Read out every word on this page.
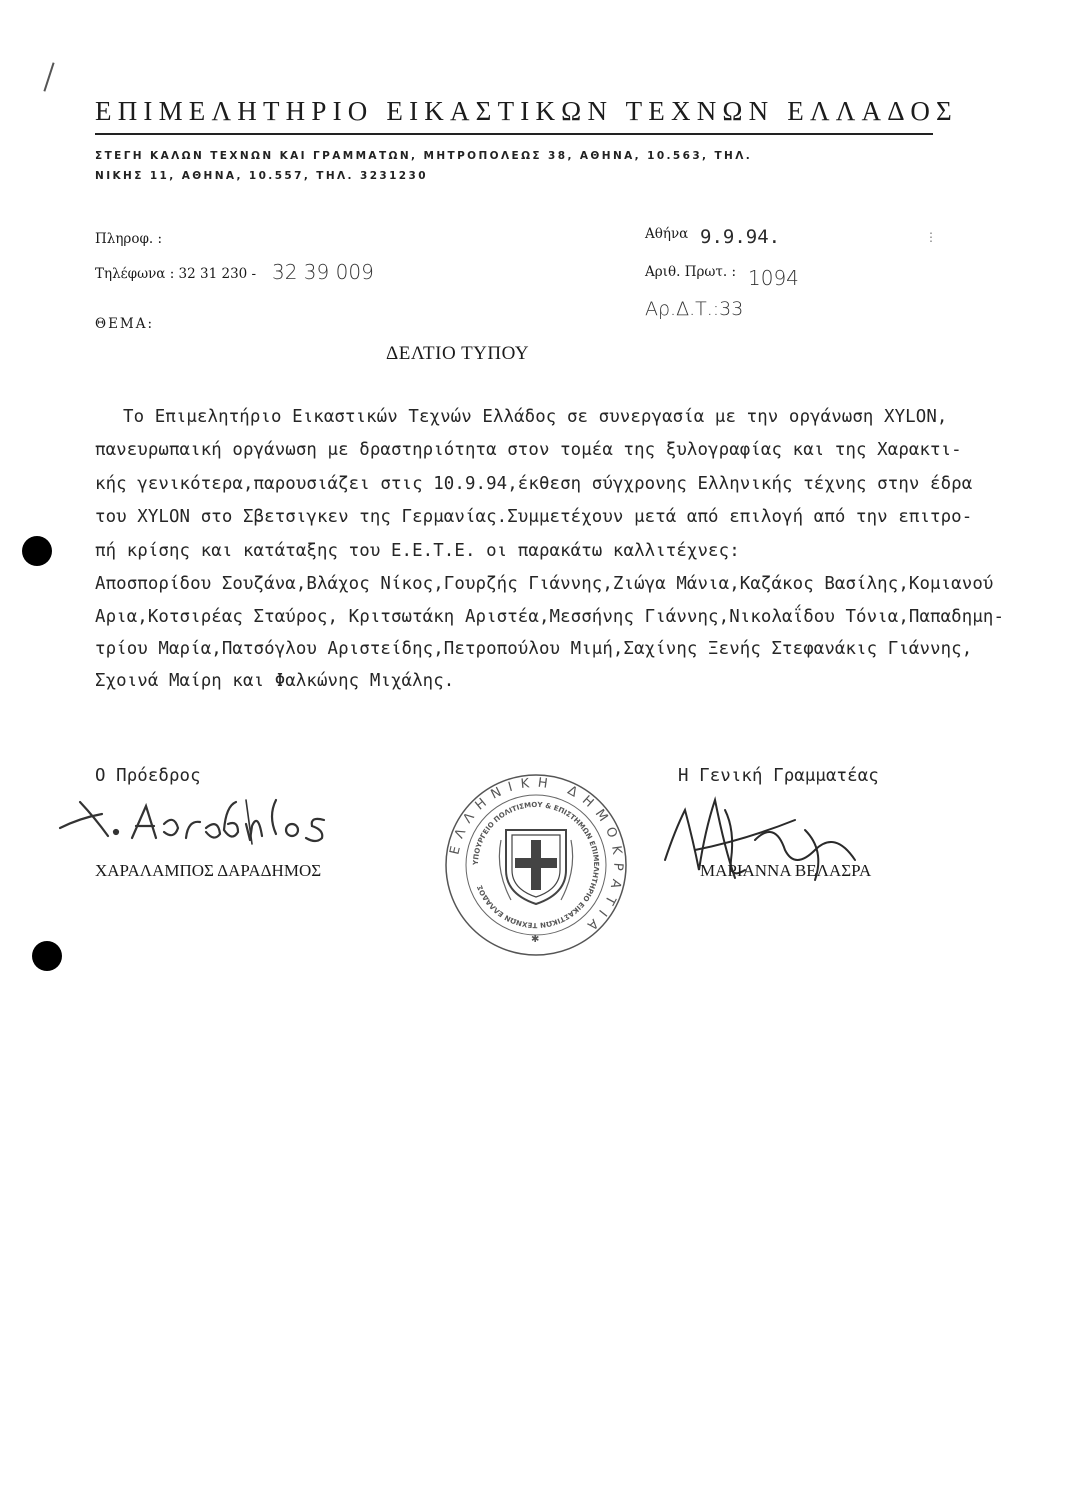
ΕΠΙΜΕΛΗΤΗΡΙΟ ΕΙΚΑΣΤΙΚΩΝ ΤΕΧΝΩΝ ΕΛΛΑΔΟΣ
ΣΤΕΓΗ ΚΑΛΩΝ ΤΕΧΝΩΝ ΚΑΙ ΓΡΑΜΜΑΤΩΝ, ΜΗΤΡΟΠΟΛΕΩΣ 38, ΑΘΗΝΑ, 10.563, ΤΗΛ.
ΝΙΚΗΣ 11, ΑΘΗΝΑ, 10.557, ΤΗΛ. 3231230
Πληροφ. :
Τηλέφωνα : 32 31 230 - 32 39 009
ΘΕΜΑ:
Αθήνα 9.9.94.
Αριθ. Πρωτ. : 1094
Αρ.Δ.Τ.:33
⋮
ΔΕΛΤΙΟ ΤΥΠΟΥ
Το Επιμελητήριο Εικαστικών Τεχνών Ελλάδος σε συνεργασία με την οργάνωση XYLON,
πανευρωπαική οργάνωση με δραστηριότητα στον τομέα της ξυλογραφίας και της Χαρακτι-
κής γενικότερα,παρουσιάζει στις 10.9.94,έκθεση σύγχρονης Ελληνικής τέχνης στην έδρα
του XYLON στο Σβετσιγκεν της Γερμανίας.Συμμετέχουν μετά από επιλογή από την επιτρο-
πή κρίσης και κατάταξης του Ε.Ε.Τ.Ε. οι παρακάτω καλλιτέχνες:
Αποσπορίδου Σουζάνα,Βλάχος Νίκος,Γουρζής Γιάννης,Ζιώγα Μάνια,Καζάκος Βασίλης,Κομιανού
Αρια,Κοτσιρέας Σταύρος, Κριτσωτάκη Αριστέα,Μεσσήνης Γιάννης,Νικολαΐδου Τόνια,Παπαδημη-
τρίου Μαρία,Πατσόγλου Αριστείδης,Πετροπούλου Μιμή,Σαχίνης Ξενής Στεφανάκις Γιάννης,
Σχοινά Μαίρη και Φαλκώνης Μιχάλης.
Ο Πρόεδρος
ΧΑΡΑΛΑΜΠΟΣ ΔΑΡΑΔΗΜΟΣ
Η Γενική Γραμματέας
ΜΑΡΙΑΝΝΑ ΒΕΛΑΣΡΑ
ΕΛΛΗΝΙΚΗ ΔΗΜΟΚΡΑΤΙΑ
ΥΠΟΥΡΓΕΙΟ ΠΟΛΙΤΙΣΜΟΥ & ΕΠΙΣΤΗΜΩΝ ΕΠΙΜΕΛΗΤΗΡΙΟ ΕΙΚΑΣΤΙΚΩΝ ΤΕΧΝΩΝ ΕΛΛΑΔΟΣ
✱
